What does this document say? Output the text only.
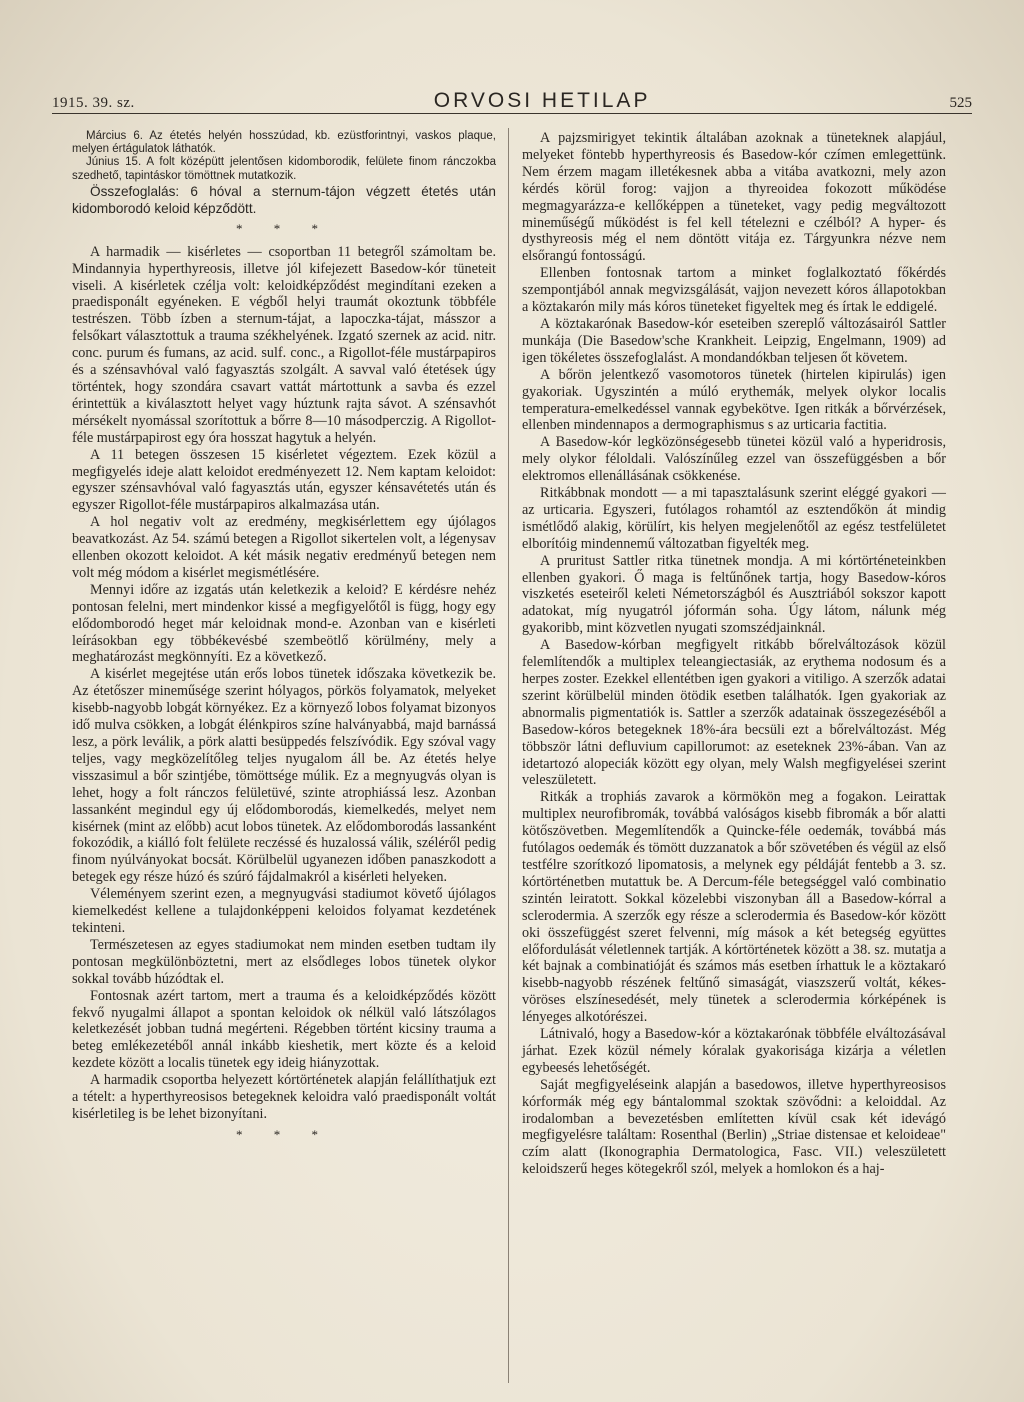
1915. 39. sz.	ORVOSI HETILAP	525

Március 6. Az étetés helyén hosszúdad, kb. ezüstforintnyi, vaskos plaque, melyen értágulatok láthatók.

Június 15. A folt középütt jelentősen kidomborodik, felülete finom ránczokba szedhető, tapintáskor tömöttnek mutatkozik.

Összefoglalás: 6 hóval a sternum-tájon végzett étetés után kidomborodó keloid képződött.

* * *

A harmadik — kisérletes — csoportban 11 betegről számoltam be. Mindannyia hyperthyreosis, illetve jól kifejezett Basedow-kór tüneteit viseli. A kisérletek czélja volt: keloidképződést megindítani ezeken a praedisponált egyéneken. E végből helyi traumát okoztunk többféle testrészen. Több ízben a sternum-tájat, a lapoczka-tájat, másszor a felsőkart választottuk a trauma székhelyének. Izgató szernek az acid. nitr. conc. purum és fumans, az acid. sulf. conc., a Rigollot-féle mustárpapiros és a szénsavhóval való fagyasztás szolgált. A savval való étetések úgy történtek, hogy szondára csavart vattát mártottunk a savba és ezzel érintettük a kiválasztott helyet vagy húztunk rajta sávot. A szénsavhót mérsékelt nyomással szorítottuk a bőrre 8—10 másodperczig. A Rigollot-féle mustárpapirost egy óra hosszat hagytuk a helyén.

A 11 betegen összesen 15 kisérletet végeztem. Ezek közül a megfigyelés ideje alatt keloidot eredményezett 12. Nem kaptam keloidot: egyszer szénsavhóval való fagyasztás után, egyszer kénsavétetés után és egyszer Rigollot-féle mustárpapiros alkalmazása után.

A hol negativ volt az eredmény, megkisérlettem egy újólagos beavatkozást. Az 54. számú betegen a Rigollot sikertelen volt, a légenysav ellenben okozott keloidot. A két másik negativ eredményű betegen nem volt még módom a kisérlet megismétlésére.

Mennyi időre az izgatás után keletkezik a keloid? E kérdésre nehéz pontosan felelni, mert mindenkor kissé a megfigyelőtől is függ, hogy egy elődomborodó heget már keloidnak mond-e. Azonban van e kisérleti leírásokban egy többékevésbé szembeötlő körülmény, mely a meghatározást megkönnyíti. Ez a következő.

A kisérlet megejtése után erős lobos tünetek időszaka következik be. Az étetőszer mineműsége szerint hólyagos, pörkös folyamatok, melyeket kisebb-nagyobb lobgát környékez. Ez a környező lobos folyamat bizonyos idő mulva csökken, a lobgát élénkpiros színe halványabbá, majd barnássá lesz, a pörk leválik, a pörk alatti besüppedés felszívódik. Egy szóval vagy teljes, vagy megközelítőleg teljes nyugalom áll be. Az étetés helye visszasimul a bőr szintjébe, tömöttsége múlik. Ez a megnyugvás olyan is lehet, hogy a folt ránczos felületüvé, szinte atrophiássá lesz. Azonban lassanként megindul egy új elődomborodás, kiemelkedés, melyet nem kisérnek (mint az előbb) acut lobos tünetek. Az elődomborodás lassanként fokozódik, a kiálló folt felülete reczéssé és huzalossá válik, széléről pedig finom nyúlványokat bocsát. Körülbelül ugyanezen időben panaszkodott a betegek egy része húzó és szúró fájdalmakról a kisérleti helyeken.

Véleményem szerint ezen, a megnyugvási stadiumot követő újólagos kiemelkedést kellene a tulajdonképpeni keloidos folyamat kezdetének tekinteni.

Természetesen az egyes stadiumokat nem minden esetben tudtam ily pontosan megkülönböztetni, mert az elsődleges lobos tünetek olykor sokkal tovább húzódtak el.

Fontosnak azért tartom, mert a trauma és a keloidképződés között fekvő nyugalmi állapot a spontan keloidok ok nélkül való látszólagos keletkezését jobban tudná megérteni. Régebben történt kicsiny trauma a beteg emlékezetéből annál inkább kieshetik, mert közte és a keloid kezdete között a localis tünetek egy ideig hiányzottak.

A harmadik csoportba helyezett kórtörténetek alapján felállíthatjuk ezt a tételt: a hyperthyreosisos betegeknek keloidra való praedisponált voltát kisérletileg is be lehet bizonyítani.

* * *

A pajzsmirigyet tekintik általában azoknak a tüneteknek alapjául, melyeket föntebb hyperthyreosis és Basedow-kór czímen emlegettünk. Nem érzem magam illetékesnek abba a vitába avatkozni, mely azon kérdés körül forog: vajjon a thyreoidea fokozott működése megmagyarázza-e kellőképpen a tüneteket, vagy pedig megváltozott mineműségű működést is fel kell tételezni e czélból? A hyper- és dysthyreosis még el nem döntött vitája ez. Tárgyunkra nézve nem elsőrangú fontosságú.

Ellenben fontosnak tartom a minket foglalkoztató főkérdés szempontjából annak megvizsgálását, vajjon nevezett kóros állapotokban a köztakarón mily más kóros tüneteket figyeltek meg és írtak le eddigelé.

A köztakarónak Basedow-kór eseteiben szereplő változásairól Sattler munkája (Die Basedow'sche Krankheit. Leipzig, Engelmann, 1909) ad igen tökéletes összefoglalást. A mondandókban teljesen őt követem.

A bőrön jelentkező vasomotoros tünetek (hirtelen kipirulás) igen gyakoriak. Ugyszintén a múló erythemák, melyek olykor localis temperatura-emelkedéssel vannak egybekötve. Igen ritkák a bőrvérzések, ellenben mindennapos a dermographismus s az urticaria factitia.

A Basedow-kór legközönségesebb tünetei közül való a hyperidrosis, mely olykor féloldali. Valószínűleg ezzel van összefüggésben a bőr elektromos ellenállásának csökkenése.

Ritkábbnak mondott — a mi tapasztalásunk szerint eléggé gyakori — az urticaria. Egyszeri, futólagos rohamtól az esztendőkön át mindig ismétlődő alakig, körülírt, kis helyen megjelenőtől az egész testfelületet elborítóig mindennemű változatban figyelték meg.

A pruritust Sattler ritka tünetnek mondja. A mi kórtörténeteinkben ellenben gyakori. Ő maga is feltűnőnek tartja, hogy Basedow-kóros viszketés eseteiről keleti Németországból és Ausztriából sokszor kapott adatokat, míg nyugatról jóformán soha. Úgy látom, nálunk még gyakoribb, mint közvetlen nyugati szomszédjainknál.

A Basedow-kórban megfigyelt ritkább bőrelváltozások közül felemlítendők a multiplex teleangiectasiák, az erythema nodosum és a herpes zoster. Ezekkel ellentétben igen gyakori a vitiligo. A szerzők adatai szerint körülbelül minden ötödik esetben találhatók. Igen gyakoriak az abnormalis pigmentatiók is. Sattler a szerzők adatainak összegezéséből a Basedow-kóros betegeknek 18%-ára becsüli ezt a bőrelváltozást. Még többször látni defluvium capillorumot: az eseteknek 23%-ában. Van az idetartozó alopeciák között egy olyan, mely Walsh megfigyelései szerint veleszületett.

Ritkák a trophiás zavarok a körmökön meg a fogakon. Leirattak multiplex neurofibromák, továbbá valóságos kisebb fibromák a bőr alatti kötőszövetben. Megemlítendők a Quincke-féle oedemák, továbbá más futólagos oedemák és tömött duzzanatok a bőr szövetében és végül az első testfélre szorítkozó lipomatosis, a melynek egy példáját fentebb a 3. sz. kórtörténetben mutattuk be. A Dercum-féle betegséggel való combinatio szintén leiratott. Sokkal közelebbi viszonyban áll a Basedow-kórral a sclerodermia. A szerzők egy része a sclerodermia és Basedow-kór között oki összefüggést szeret felvenni, míg mások a két betegség együttes előfordulását véletlennek tartják. A kórtörténetek között a 38. sz. mutatja a két bajnak a combinatióját és számos más esetben írhattuk le a köztakaró kisebb-nagyobb részének feltűnő simaságát, viaszszerű voltát, kékes-vöröses elszínesedését, mely tünetek a sclerodermia kórképének is lényeges alkotórészei.

Látnivaló, hogy a Basedow-kór a köztakarónak többféle elváltozásával járhat. Ezek közül némely kóralak gyakorisága kizárja a véletlen egybeesés lehetőségét.

Saját megfigyeléseink alapján a basedowos, illetve hyperthyreosisos kórformák még egy bántalommal szoktak szövődni: a keloiddal. Az irodalomban a bevezetésben említetten kívül csak két idevágó megfigyelésre találtam: Rosenthal (Berlin) „Striae distensae et keloideae" czím alatt (Ikonographia Dermatologica, Fasc. VII.) veleszületett keloidszerű heges kötegekről szól, melyek a homlokon és a haj-
